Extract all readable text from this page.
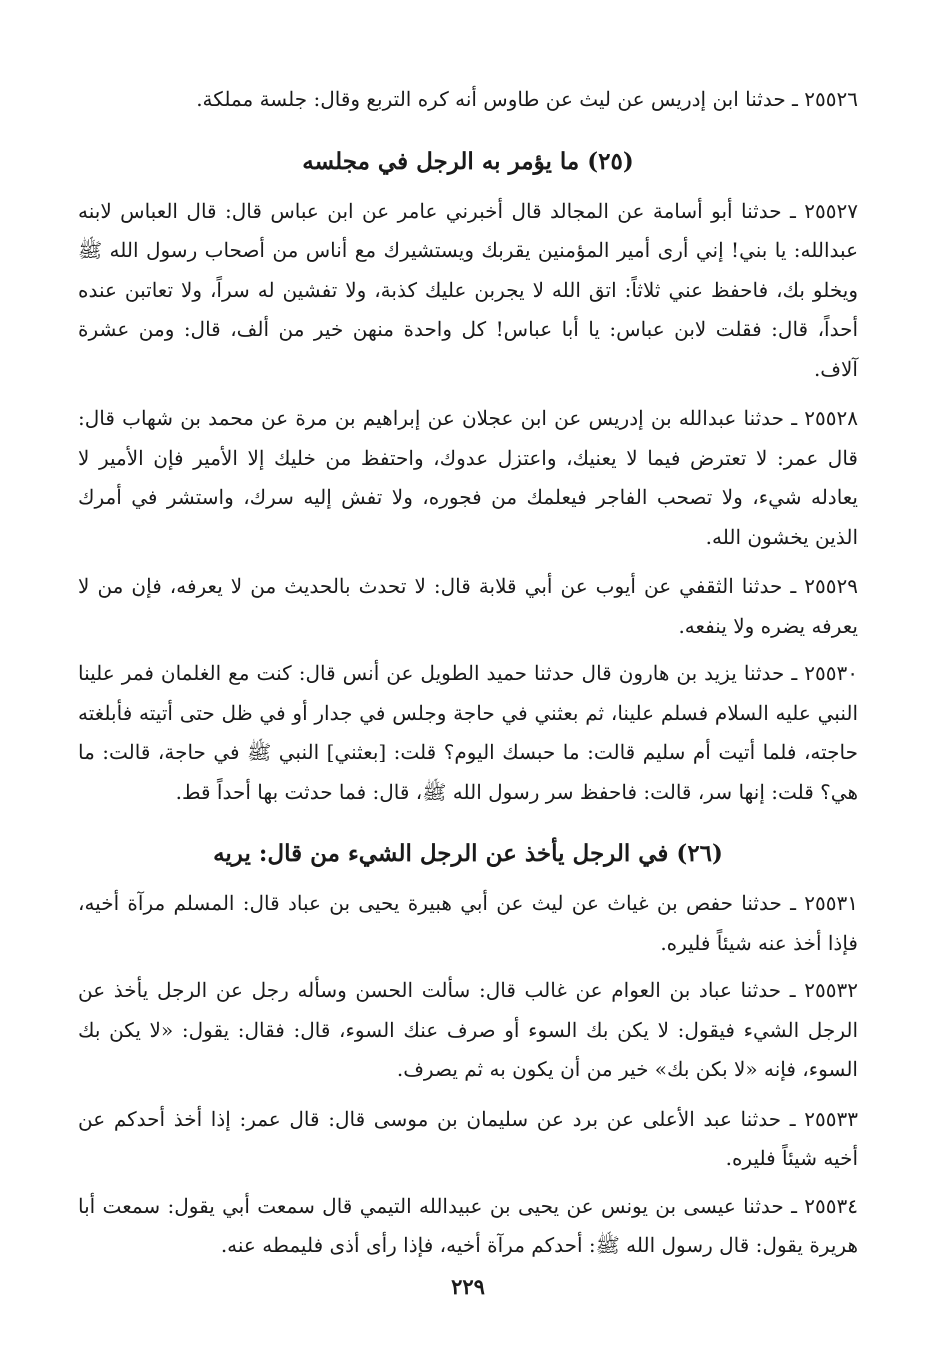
٢٥٥٢٦ ـ حدثنا ابن إدريس عن ليث عن طاوس أنه كره التربع وقال: جلسة مملكة.

(٢٥) ما يؤمر به الرجل في مجلسه

٢٥٥٢٧ ـ حدثنا أبو أسامة عن المجالد قال أخبرني عامر عن ابن عباس قال: قال العباس لابنه عبدالله: يا بني! إني أرى أمير المؤمنين يقربك ويستشيرك مع أناس من أصحاب رسول الله ﷺ ويخلو بك، فاحفظ عني ثلاثاً: اتق الله لا يجربن عليك كذبة، ولا تفشين له سراً، ولا تعاتبن عنده أحداً، قال: فقلت لابن عباس: يا أبا عباس! كل واحدة منهن خير من ألف، قال: ومن عشرة آلاف.

٢٥٥٢٨ ـ حدثنا عبدالله بن إدريس عن ابن عجلان عن إبراهيم بن مرة عن محمد بن شهاب قال: قال عمر: لا تعترض فيما لا يعنيك، واعتزل عدوك، واحتفظ من خليك إلا الأمير فإن الأمير لا يعادله شيء، ولا تصحب الفاجر فيعلمك من فجوره، ولا تفش إليه سرك، واستشر في أمرك الذين يخشون الله.

٢٥٥٢٩ ـ حدثنا الثقفي عن أيوب عن أبي قلابة قال: لا تحدث بالحديث من لا يعرفه، فإن من لا يعرفه يضره ولا ينفعه.

٢٥٥٣٠ ـ حدثنا يزيد بن هارون قال حدثنا حميد الطويل عن أنس قال: كنت مع الغلمان فمر علينا النبي عليه السلام فسلم علينا، ثم بعثني في حاجة وجلس في جدار أو في ظل حتى أتيته فأبلغته حاجته، فلما أتيت أم سليم قالت: ما حبسك اليوم؟ قلت: [بعثني] النبي ﷺ في حاجة، قالت: ما هي؟ قلت: إنها سر، قالت: فاحفظ سر رسول الله ﷺ، قال: فما حدثت بها أحداً قط.

(٢٦) في الرجل يأخذ عن الرجل الشيء من قال: يريه

٢٥٥٣١ ـ حدثنا حفص بن غياث عن ليث عن أبي هبيرة يحيى بن عباد قال: المسلم مرآة أخيه، فإذا أخذ عنه شيئاً فليره.

٢٥٥٣٢ ـ حدثنا عباد بن العوام عن غالب قال: سألت الحسن وسأله رجل عن الرجل يأخذ عن الرجل الشيء فيقول: لا يكن بك السوء أو صرف عنك السوء، قال: فقال: يقول: «لا يكن بك السوء، فإنه «لا بكن بك» خير من أن يكون به ثم يصرف.

٢٥٥٣٣ ـ حدثنا عبد الأعلى عن برد عن سليمان بن موسى قال: قال عمر: إذا أخذ أحدكم عن أخيه شيئاً فليره.

٢٥٥٣٤ ـ حدثنا عيسى بن يونس عن يحيى بن عبيدالله التيمي قال سمعت أبي يقول: سمعت أبا هريرة يقول: قال رسول الله ﷺ: أحدكم مرآة أخيه، فإذا رأى أذى فليمطه عنه.

٢٢٩
